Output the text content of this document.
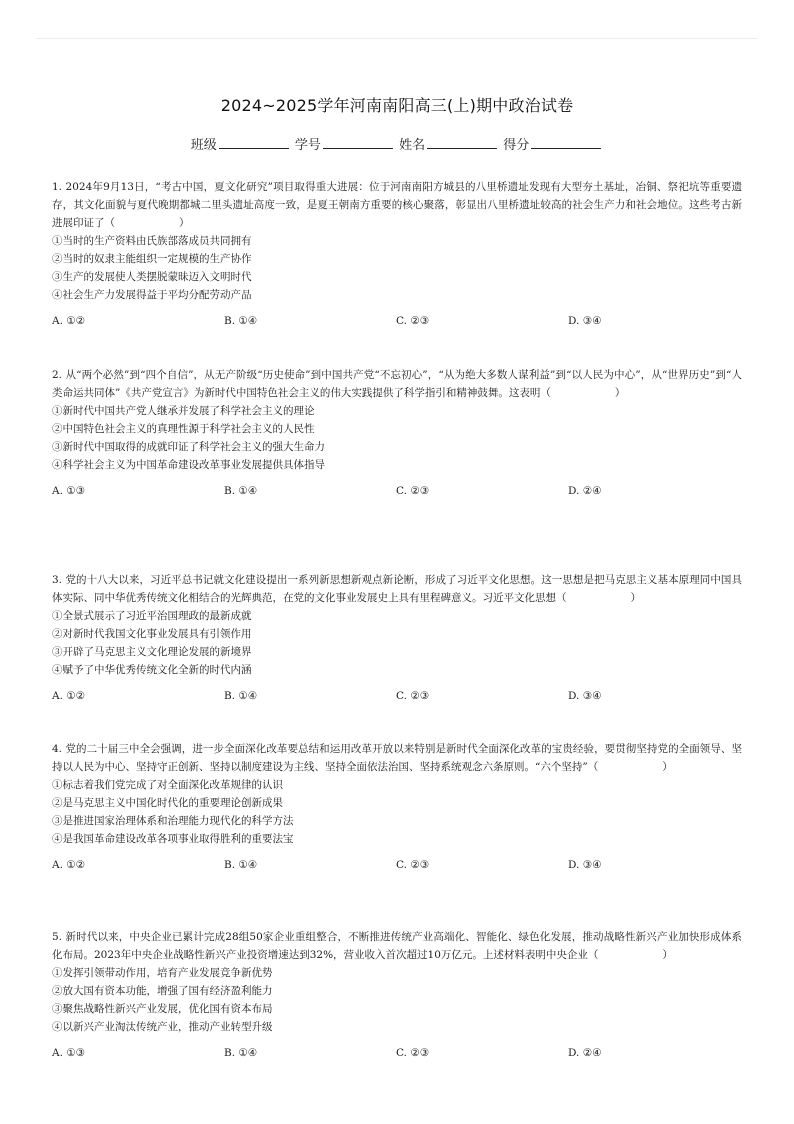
2024~2025学年河南南阳高三(上)期中政治试卷
班级	学号	姓名	得分
1. 2024年9月13日，“考古中国，夏文化研究”项目取得重大进展：位于河南南阳方城县的八里桥遗址发现有大型夯土基址，冶铜、祭祀坑等重要遗存，其文化面貌与夏代晚期都城二里头遗址高度一致，是夏王朝南方重要的核心聚落，彰显出八里桥遗址较高的社会生产力和社会地位。这些考古新进展印证了（	）
①当时的生产资料由氏族部落成员共同拥有
②当时的奴隶主能组织一定规模的生产协作
③生产的发展使人类摆脱蒙昧迈入文明时代
④社会生产力发展得益于平均分配劳动产品
A. ①②	B. ①④	C. ②③	D. ③④
2. 从“两个必然”到“四个自信”，从无产阶级“历史使命”到中国共产党“不忘初心”，“从为绝大多数人谋利益”到“以人民为中心”，从“世界历史”到“人类命运共同体”《共产党宣言》为新时代中国特色社会主义的伟大实践提供了科学指引和精神鼓舞。这表明（	）
①新时代中国共产党人继承并发展了科学社会主义的理论
②中国特色社会主义的真理性源于科学社会主义的人民性
③新时代中国取得的成就印证了科学社会主义的强大生命力
④科学社会主义为中国革命建设改革事业发展提供具体指导
A. ①③	B. ①④	C. ②③	D. ②④
3. 党的十八大以来，习近平总书记就文化建设提出一系列新思想新观点新论断，形成了习近平文化思想。这一思想是把马克思主义基本原理同中国具体实际、同中华优秀传统文化相结合的光辉典范，在党的文化事业发展史上具有里程碑意义。习近平文化思想（	）
①全景式展示了习近平治国理政的最新成就
②对新时代我国文化事业发展具有引领作用
③开辟了马克思主义文化理论发展的新境界
④赋予了中华优秀传统文化全新的时代内涵
A. ①②	B. ①④	C. ②③	D. ③④
4. 党的二十届三中全会强调，进一步全面深化改革要总结和运用改革开放以来特别是新时代全面深化改革的宝贵经验，要贯彻坚持党的全面领导、坚持以人民为中心、坚持守正创新、坚持以制度建设为主线、坚持全面依法治国、坚持系统观念六条原则。“六个坚持”（	）
①标志着我们党完成了对全面深化改革规律的认识
②是马克思主义中国化时代化的重要理论创新成果
③是推进国家治理体系和治理能力现代化的科学方法
④是我国革命建设改革各项事业取得胜利的重要法宝
A. ①②	B. ①④	C. ②③	D. ③④
5. 新时代以来，中央企业已累计完成28组50家企业重组整合，不断推进传统产业高端化、智能化、绿色化发展，推动战略性新兴产业加快形成体系化布局。2023年中央企业战略性新兴产业投资增速达到32%，营业收入首次超过10万亿元。上述材料表明中央企业（	）
①发挥引领带动作用，培育产业发展竞争新优势
②放大国有资本功能，增强了国有经济盈利能力
③聚焦战略性新兴产业发展，优化国有资本布局
④以新兴产业淘汰传统产业，推动产业转型升级
A. ①③	B. ①④	C. ②③	D. ②④
